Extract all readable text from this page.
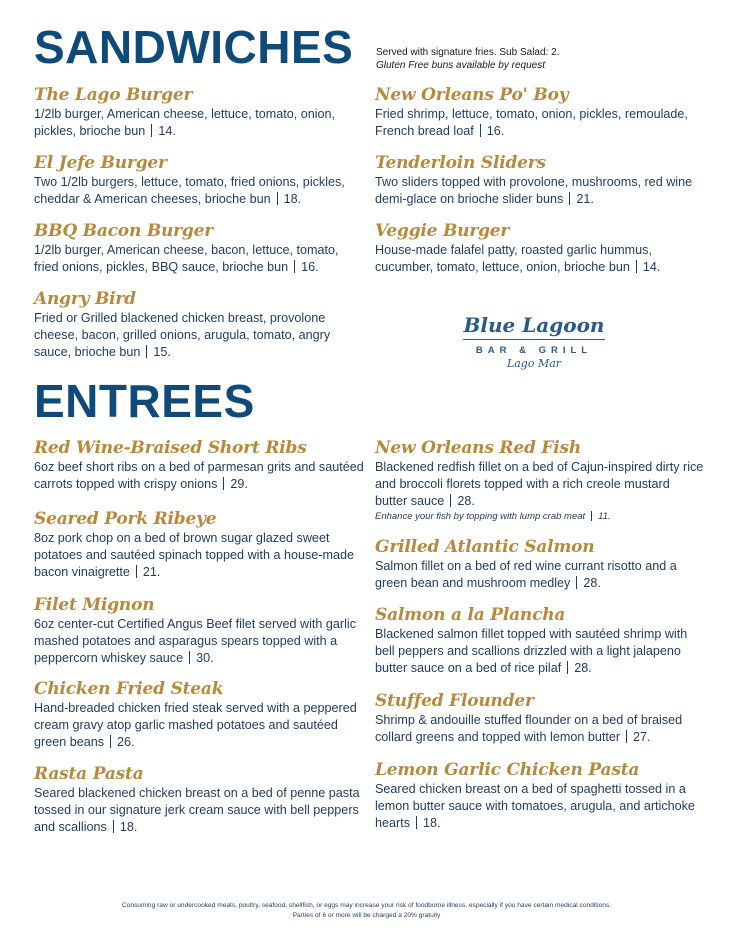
SANDWICHES Served with signature fries. Sub Salad: 2.
Gluten Free buns available by request

The Lago Burger

1/2lb burger, American cheese, lettuce, tomato, onion, pickles, brioche bun 14.

El Jefe Burger

Two 1/2lb burgers, lettuce, tomato, fried onions, pickles, cheddar & American cheeses, brioche bun 18.

BBQ Bacon Burger

1/2lb burger, American cheese, bacon, lettuce, tomato, fried onions, pickles, BBQ sauce, brioche bun 16.

Angry Bird

Fried or Grilled blackened chicken breast, provolone cheese, bacon, grilled onions, arugula, tomato, angry sauce, brioche bun 15.

New Orleans Po' Boy

Fried shrimp, lettuce, tomato, onion, pickles, remoulade, French bread loaf 16.

Tenderloin Sliders

Two sliders topped with provolone, mushrooms, red wine demi-glace on brioche slider buns 21.

Veggie Burger

House-made falafel patty, roasted garlic hummus, cucumber, tomato, lettuce, onion, brioche bun 14.

Blue Lagoon
BAR & GRILL
Lago Mar
ENTREES

Red Wine-Braised Short Ribs

6oz beef short ribs on a bed of parmesan grits and sautéed carrots topped with crispy onions 29.

Seared Pork Ribeye

8oz pork chop on a bed of brown sugar glazed sweet potatoes and sautéed spinach topped with a house-made bacon vinaigrette 21.

Filet Mignon

6oz center-cut Certified Angus Beef filet served with garlic mashed potatoes and asparagus spears topped with a peppercorn whiskey sauce 30.

Chicken Fried Steak

Hand-breaded chicken fried steak served with a peppered cream gravy atop garlic mashed potatoes and sautéed green beans 26.

Rasta Pasta

Seared blackened chicken breast on a bed of penne pasta tossed in our signature jerk cream sauce with bell peppers and scallions 18.

New Orleans Red Fish

Blackened redfish fillet on a bed of Cajun-inspired dirty rice and broccoli florets topped with a rich creole mustard butter sauce 28.

Enhance your fish by topping with lump crab meat 11.

Grilled Atlantic Salmon

Salmon fillet on a bed of red wine currant risotto and a green bean and mushroom medley 28.

Salmon a la Plancha

Blackened salmon fillet topped with sautéed shrimp with bell peppers and scallions drizzled with a light jalapeno butter sauce on a bed of rice pilaf 28.

Stuffed Flounder

Shrimp & andouille stuffed flounder on a bed of braised collard greens and topped with lemon butter 27.

Lemon Garlic Chicken Pasta

Seared chicken breast on a bed of spaghetti tossed in a lemon butter sauce with tomatoes, arugula, and artichoke hearts 18.

Consuming raw or undercooked meats, poultry, seafood, shellfish, or eggs may increase your risk of foodborne illness, especially if you have certain medical conditions.
Parties of 6 or more will be charged a 20% gratuity
